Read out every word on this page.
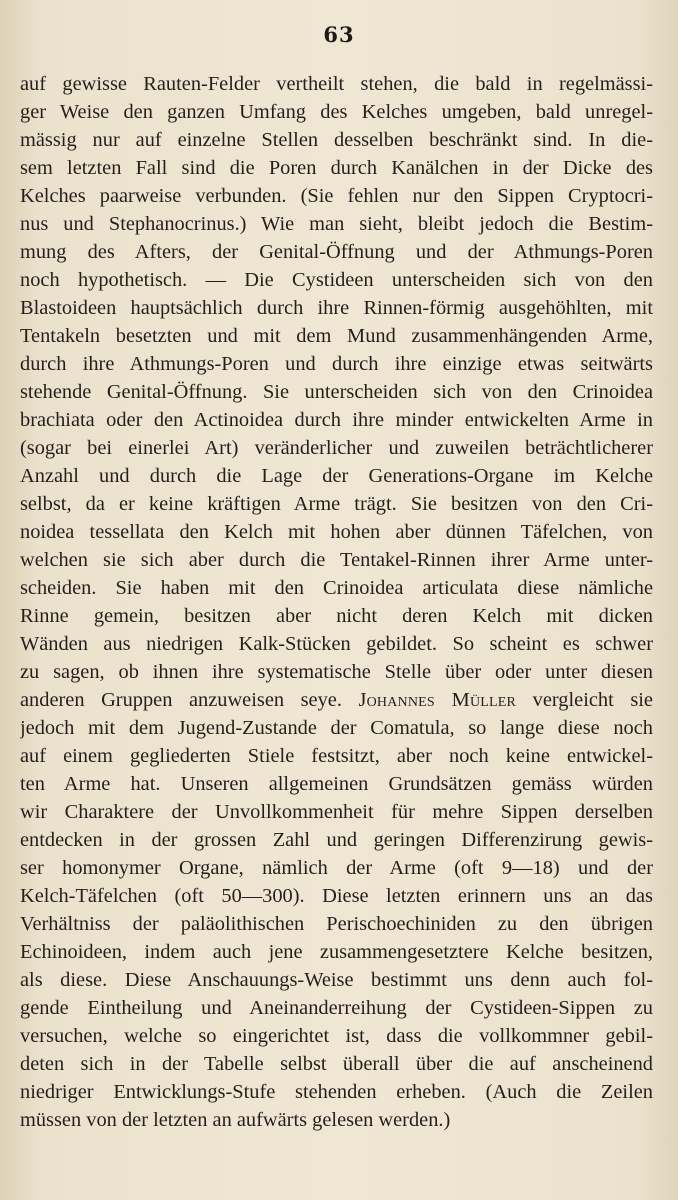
63
auf gewisse Rauten-Felder vertheilt stehen, die bald in regelmässi-
ger Weise den ganzen Umfang des Kelches umgeben, bald unregel-
mässig nur auf einzelne Stellen desselben beschränkt sind. In die-
sem letzten Fall sind die Poren durch Kanälchen in der Dicke des
Kelches paarweise verbunden. (Sie fehlen nur den Sippen Cryptocri-
nus und Stephanocrinus.) Wie man sieht, bleibt jedoch die Bestim-
mung des Afters, der Genital-Öffnung und der Athmungs-Poren
noch hypothetisch. — Die Cystideen unterscheiden sich von den
Blastoideen hauptsächlich durch ihre Rinnen-förmig ausgehöhlten, mit
Tentakeln besetzten und mit dem Mund zusammenhängenden Arme,
durch ihre Athmungs-Poren und durch ihre einzige etwas seitwärts
stehende Genital-Öffnung. Sie unterscheiden sich von den Crinoidea
brachiata oder den Actinoidea durch ihre minder entwickelten Arme in
(sogar bei einerlei Art) veränderlicher und zuweilen beträchtlicherer
Anzahl und durch die Lage der Generations-Organe im Kelche
selbst, da er keine kräftigen Arme trägt. Sie besitzen von den Cri-
noidea tessellata den Kelch mit hohen aber dünnen Täfelchen, von
welchen sie sich aber durch die Tentakel-Rinnen ihrer Arme unter-
scheiden. Sie haben mit den Crinoidea articulata diese nämliche
Rinne gemein, besitzen aber nicht deren Kelch mit dicken
Wänden aus niedrigen Kalk-Stücken gebildet. So scheint es schwer
zu sagen, ob ihnen ihre systematische Stelle über oder unter diesen
anderen Gruppen anzuweisen seye. Johannes Müller vergleicht sie
jedoch mit dem Jugend-Zustande der Comatula, so lange diese noch
auf einem gegliederten Stiele festsitzt, aber noch keine entwickel-
ten Arme hat. Unseren allgemeinen Grundsätzen gemäss würden
wir Charaktere der Unvollkommenheit für mehre Sippen derselben
entdecken in der grossen Zahl und geringen Differenzirung gewis-
ser homonymer Organe, nämlich der Arme (oft 9—18) und der
Kelch-Täfelchen (oft 50—300). Diese letzten erinnern uns an das
Verhältniss der paläolithischen Perischoechiniden zu den übrigen
Echinoideen, indem auch jene zusammengesetztere Kelche besitzen,
als diese. Diese Anschauungs-Weise bestimmt uns denn auch fol-
gende Eintheilung und Aneinanderreihung der Cystideen-Sippen zu
versuchen, welche so eingerichtet ist, dass die vollkommner gebil-
deten sich in der Tabelle selbst überall über die auf anscheinend
niedriger Entwicklungs-Stufe stehenden erheben. (Auch die Zeilen
müssen von der letzten an aufwärts gelesen werden.)
